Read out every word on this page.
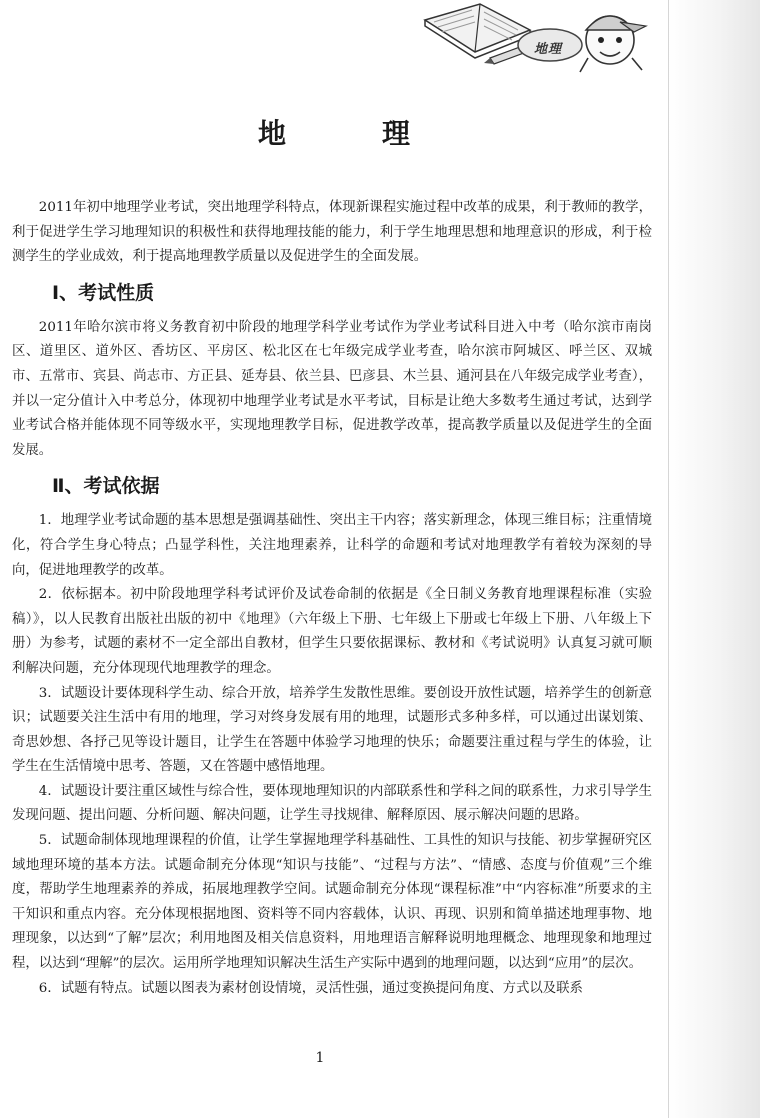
地理
地　理

2011年初中地理学业考试，突出地理学科特点，体现新课程实施过程中改革的成果，利于教师的教学，利于促进学生学习地理知识的积极性和获得地理技能的能力，利于学生地理思想和地理意识的形成，利于检测学生的学业成效，利于提高地理教学质量以及促进学生的全面发展。

Ⅰ、考试性质

2011年哈尔滨市将义务教育初中阶段的地理学科学业考试作为学业考试科目进入中考（哈尔滨市南岗区、道里区、道外区、香坊区、平房区、松北区在七年级完成学业考查，哈尔滨市阿城区、呼兰区、双城市、五常市、宾县、尚志市、方正县、延寿县、依兰县、巴彦县、木兰县、通河县在八年级完成学业考查），并以一定分值计入中考总分，体现初中地理学业考试是水平考试，目标是让绝大多数考生通过考试，达到学业考试合格并能体现不同等级水平，实现地理教学目标，促进教学改革，提高教学质量以及促进学生的全面发展。

Ⅱ、考试依据

1．地理学业考试命题的基本思想是强调基础性、突出主干内容；落实新理念，体现三维目标；注重情境化，符合学生身心特点；凸显学科性，关注地理素养，让科学的命题和考试对地理教学有着较为深刻的导向，促进地理教学的改革。

2．依标据本。初中阶段地理学科考试评价及试卷命制的依据是《全日制义务教育地理课程标准（实验稿）》，以人民教育出版社出版的初中《地理》（六年级上下册、七年级上下册或七年级上下册、八年级上下册）为参考，试题的素材不一定全部出自教材，但学生只要依据课标、教材和《考试说明》认真复习就可顺利解决问题，充分体现现代地理教学的理念。

3．试题设计要体现科学生动、综合开放，培养学生发散性思维。要创设开放性试题，培养学生的创新意识；试题要关注生活中有用的地理，学习对终身发展有用的地理，试题形式多种多样，可以通过出谋划策、奇思妙想、各抒己见等设计题目，让学生在答题中体验学习地理的快乐；命题要注重过程与学生的体验，让学生在生活情境中思考、答题，又在答题中感悟地理。

4．试题设计要注重区域性与综合性，要体现地理知识的内部联系性和学科之间的联系性，力求引导学生发现问题、提出问题、分析问题、解决问题，让学生寻找规律、解释原因、展示解决问题的思路。

5．试题命制体现地理课程的价值，让学生掌握地理学科基础性、工具性的知识与技能、初步掌握研究区域地理环境的基本方法。试题命制充分体现“知识与技能”、“过程与方法”、“情感、态度与价值观”三个维度，帮助学生地理素养的养成，拓展地理教学空间。试题命制充分体现“课程标准”中“内容标准”所要求的主干知识和重点内容。充分体现根据地图、资料等不同内容载体，认识、再现、识别和简单描述地理事物、地理现象，以达到“了解”层次；利用地图及相关信息资料，用地理语言解释说明地理概念、地理现象和地理过程，以达到“理解”的层次。运用所学地理知识解决生活生产实际中遇到的地理问题，以达到“应用”的层次。

6．试题有特点。试题以图表为素材创设情境，灵活性强，通过变换提问角度、方式以及联系

1
